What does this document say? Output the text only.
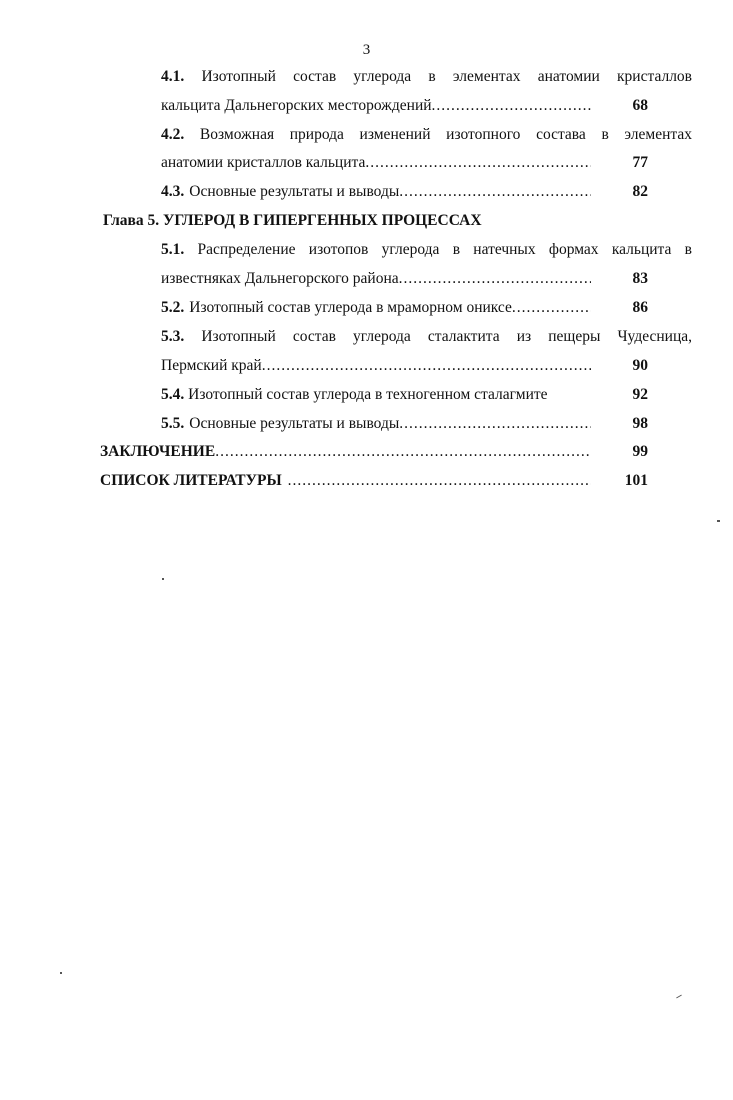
3
4.1. Изотопный состав углерода в элементах анатомии кристаллов
кальцита Дальнегорских месторождений .....	68
4.2. Возможная природа изменений изотопного состава в элементах
анатомии кристаллов кальцита .....	77
4.3. Основные результаты и выводы .....	82
Глава 5. УГЛЕРОД В ГИПЕРГЕННЫХ ПРОЦЕССАХ
5.1. Распределение изотопов углерода в натечных формах кальцита в
известняках Дальнегорского района .....	83
5.2. Изотопный состав углерода в мраморном ониксе .....	86
5.3. Изотопный состав углерода сталактита из пещеры Чудесница,
Пермский край .....	90
5.4. Изотопный состав углерода в техногенном сталагмите	92
5.5. Основные результаты и выводы .....	98
ЗАКЛЮЧЕНИЕ .....	99
СПИСОК ЛИТЕРАТУРЫ .....	101
